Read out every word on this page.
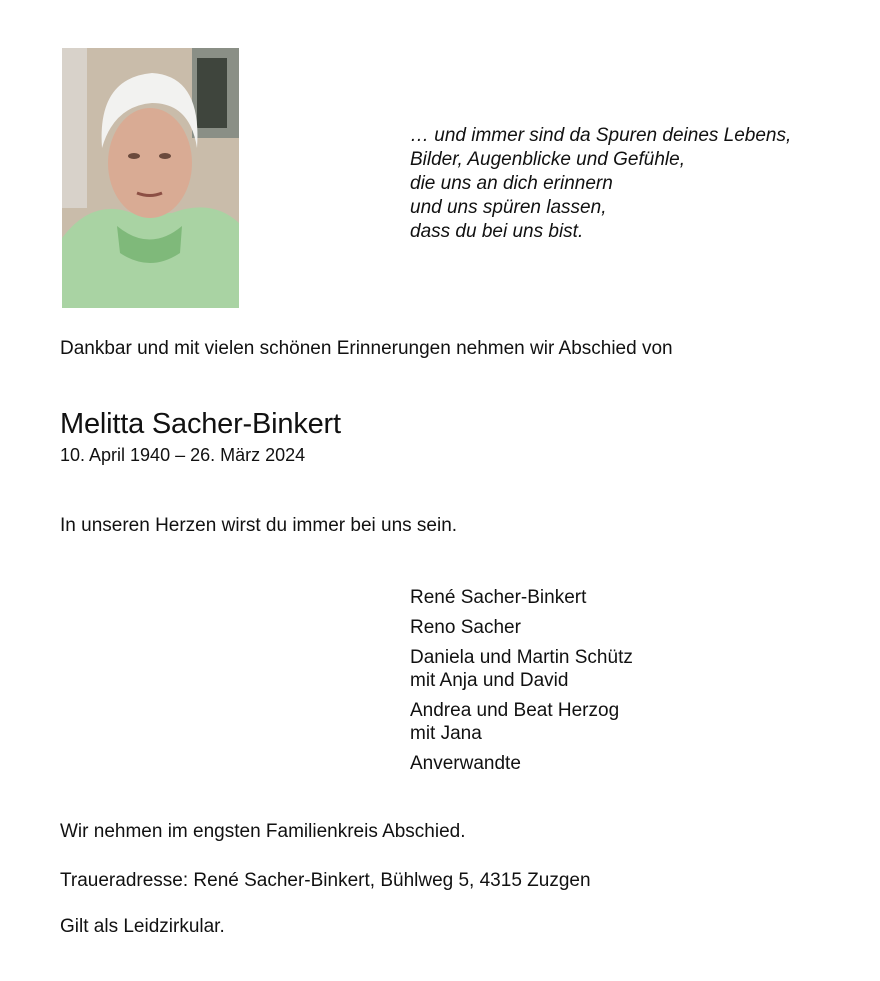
… und immer sind da Spuren deines Lebens,
Bilder, Augenblicke und Gefühle,
die uns an dich erinnern
und uns spüren lassen,
dass du bei uns bist.

Dankbar und mit vielen schönen Erinnerungen nehmen wir Abschied von

Melitta Sacher-Binkert

10. April 1940 – 26. März 2024

In unseren Herzen wirst du immer bei uns sein.

René Sacher-Binkert
Reno Sacher
Daniela und Martin Schütz
mit Anja und David
Andrea und Beat Herzog
mit Jana
Anverwandte

Wir nehmen im engsten Familienkreis Abschied.

Traueradresse: René Sacher-Binkert, Bühlweg 5, 4315 Zuzgen

Gilt als Leidzirkular.
